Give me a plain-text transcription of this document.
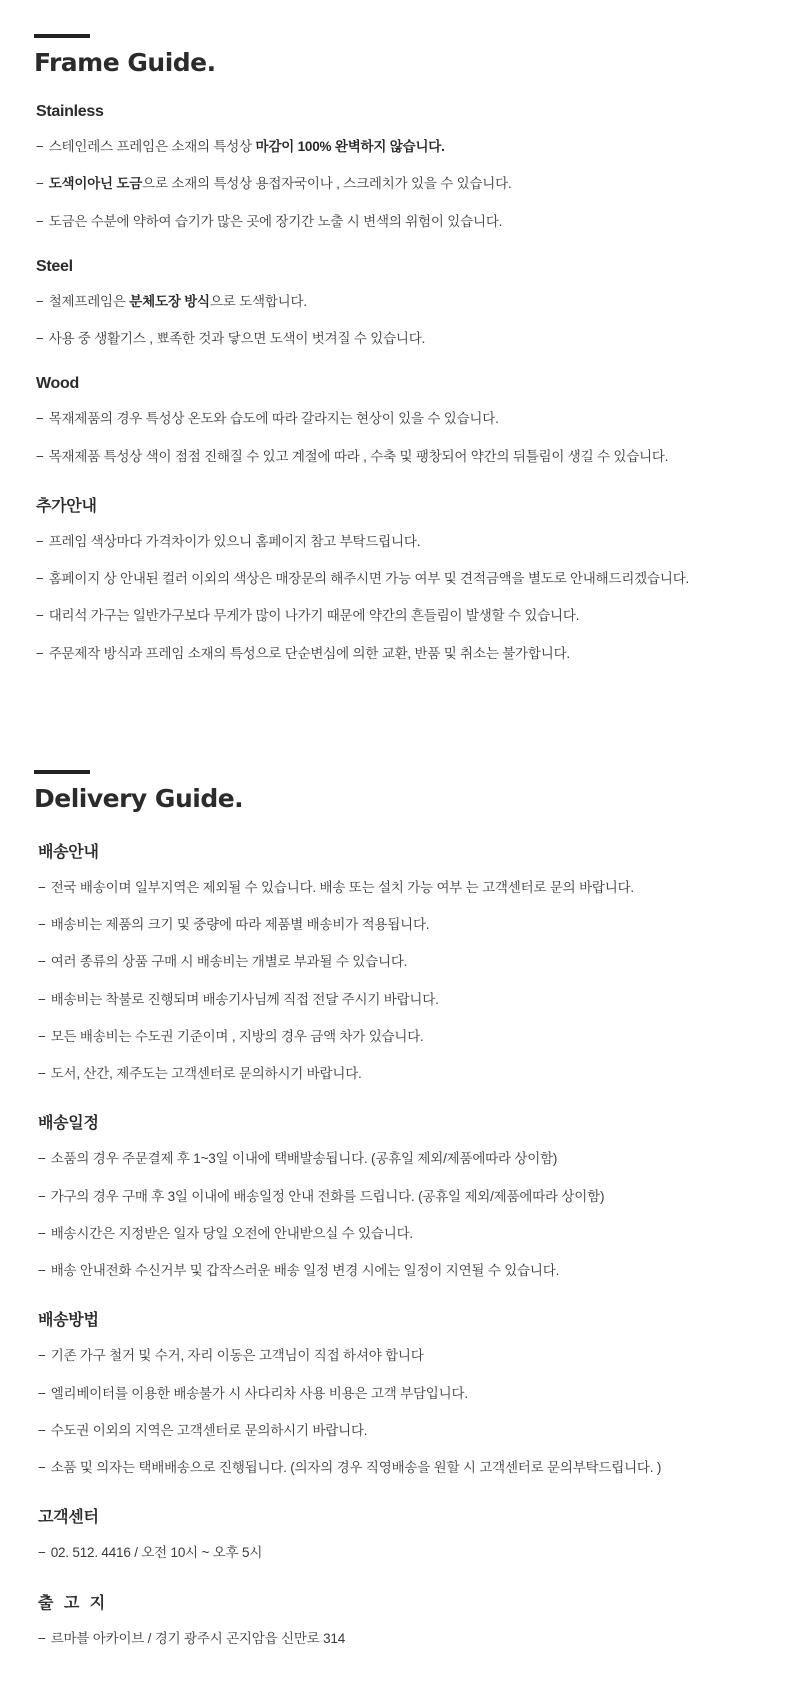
Frame Guide.
Stainless

− 스테인레스 프레임은 소재의 특성상 마감이 100% 완벽하지 않습니다.

− 도색이아닌 도금으로 소재의 특성상 용접자국이나 , 스크레치가 있을 수 있습니다.

− 도금은 수분에 약하여 습기가 많은 곳에 장기간 노출 시 변색의 위험이 있습니다.

Steel

− 철제프레임은 분체도장 방식으로 도색합니다.

− 사용 중 생활기스 , 뾰족한 것과 닿으면 도색이 벗겨질 수 있습니다.

Wood

− 목재제품의 경우 특성상 온도와 습도에 따라 갈라지는 현상이 있을 수 있습니다.

− 목재제품 특성상 색이 점점 진해질 수 있고 계절에 따라 , 수축 및 팽창되어 약간의 뒤틀림이 생길 수 있습니다.

추가안내

− 프레임 색상마다 가격차이가 있으니 홈페이지 참고 부탁드립니다.

− 홈페이지 상 안내된 컬러 이외의 색상은 매장문의 해주시면 가능 여부 및 견적금액을 별도로 안내해드리겠습니다.

− 대리석 가구는 일반가구보다 무게가 많이 나가기 때문에 약간의 흔들림이 발생할 수 있습니다.

− 주문제작 방식과 프레임 소재의 특성으로 단순변심에 의한 교환, 반품 및 취소는 불가합니다.

Delivery Guide.
배송안내

− 전국 배송이며 일부지역은 제외될 수 있습니다. 배송 또는 설치 가능 여부 는 고객센터로 문의 바랍니다.

− 배송비는 제품의 크기 및 중량에 따라 제품별 배송비가 적용됩니다.

− 여러 종류의 상품 구매 시 배송비는 개별로 부과될 수 있습니다.

− 배송비는 착불로 진행되며 배송기사님께 직접 전달 주시기 바랍니다.

− 모든 배송비는 수도권 기준이며 , 지방의 경우 금액 차가 있습니다.

− 도서, 산간, 제주도는 고객센터로 문의하시기 바랍니다.

배송일정

− 소품의 경우 주문결제 후 1~3일 이내에 택배발송됩니다. (공휴일 제외/제품에따라 상이함)

− 가구의 경우 구매 후 3일 이내에 배송일정 안내 전화를 드립니다. (공휴일 제외/제품에따라 상이함)

− 배송시간은 지정받은 일자 당일 오전에 안내받으실 수 있습니다.

− 배송 안내전화 수신거부 및 갑작스러운 배송 일정 변경 시에는 일정이 지연될 수 있습니다.

배송방법

− 기존 가구 철거 및 수거, 자리 이동은 고객님이 직접 하셔야 합니다

− 엘리베이터를 이용한 배송불가 시 사다리차 사용 비용은 고객 부담입니다.

− 수도권 이외의 지역은 고객센터로 문의하시기 바랍니다.

− 소품 및 의자는 택배배송으로 진행됩니다. (의자의 경우 직영배송을 원할 시 고객센터로 문의부탁드립니다. )

고객센터

− 02. 512. 4416 / 오전 10시 ~ 오후 5시

출 고 지

− 르마블 아카이브 / 경기 광주시 곤지암읍 신만로 314
